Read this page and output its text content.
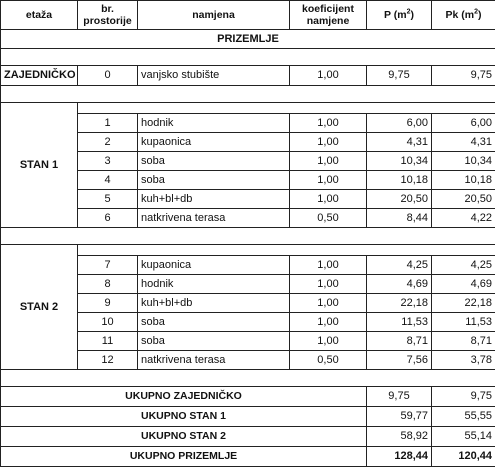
etaža	br. prostorije	namjena	koeficijent namjene	P $(m^2)$	Pk $(m^2)$
PRIZEMLJE					

ZAJEDNIČKO	0	vanjsko stubište	1,00	9,75	9,75

STAN 1					
	1	hodnik	1,00	6,00	6,00
	2	kupaonica	1,00	4,31	4,31
	3	soba	1,00	10,34	10,34
	4	soba	1,00	10,18	10,18
	5	kuh+bl+db	1,00	20,50	20,50
	6	natkrivena terasa	0,50	8,44	4,22

STAN 2					
	7	kupaonica	1,00	4,25	4,25
	8	hodnik	1,00	4,69	4,69
	9	kuh+bl+db	1,00	22,18	22,18
	10	soba	1,00	11,53	11,53
	11	soba	1,00	8,71	8,71
	12	natkrivena terasa	0,50	7,56	3,78

UKUPNO ZAJEDNIČKO				9,75	9,75
UKUPNO STAN 1				59,77	55,55
UKUPNO STAN 2				58,92	55,14
UKUPNO PRIZEMLJE				128,44	120,44
